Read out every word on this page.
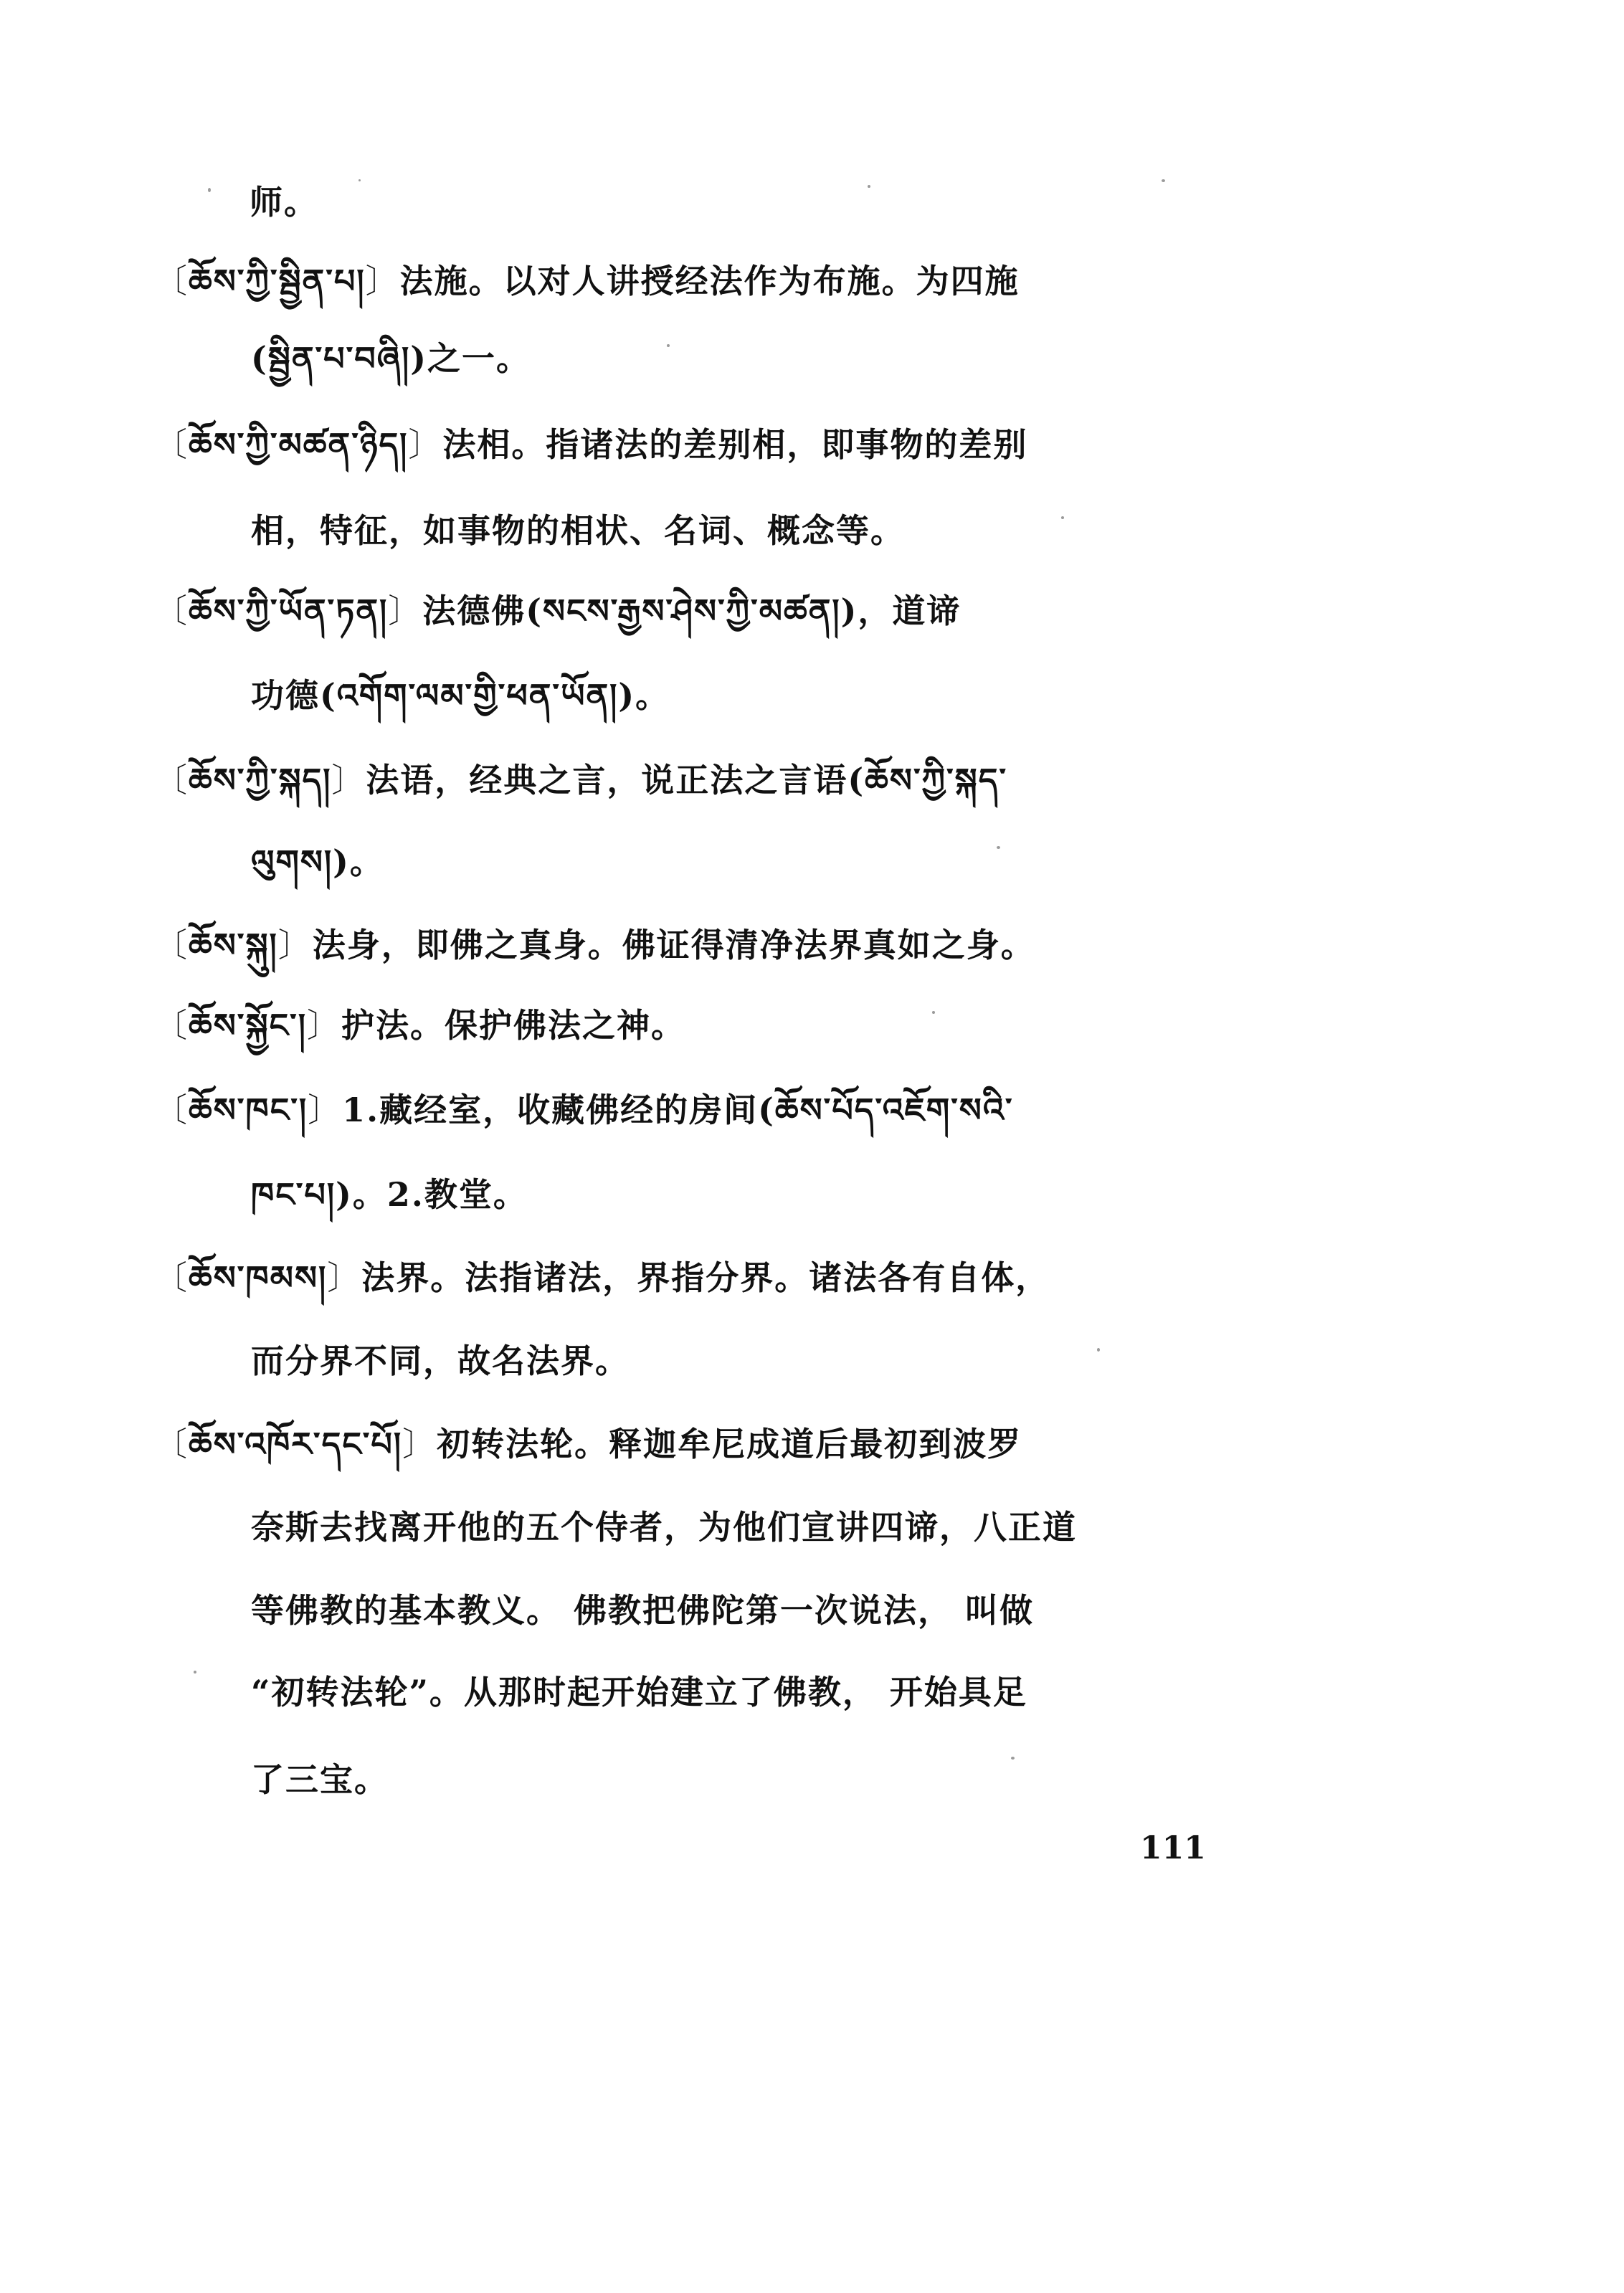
师。
〔ཆོས་ཀྱི་སྦྱིན་པ།〕法施。以对人讲授经法作为布施。为四施
(སྦྱིན་པ་བཞི།)之一。
〔ཆོས་ཀྱི་མཚན་ཉིད།〕法相。指诸法的差别相，即事物的差别
相，特征，如事物的相状、名词、概念等。
〔ཆོས་ཀྱི་ཡོན་ཏན།〕法德佛(སངས་རྒྱས་ཤེས་ཀྱི་མཚན།)，道谛
功德(འགོག་ལམ་གྱི་ཕན་ཡོན།)。
〔ཆོས་ཀྱི་སྐད།〕法语，经典之言，说正法之言语(ཆོས་ཀྱི་སྐད་
ལུགས།)。
〔ཆོས་སྐུ།〕法身，即佛之真身。佛证得清净法界真如之身。
〔ཆོས་སྐྱོང་།〕护法。保护佛法之神。
〔ཆོས་ཁང་།〕1.藏经室，收藏佛经的房间(ཆོས་པོད་འཇོག་སའི་
ཁང་པ།)。2.教堂。
〔ཆོས་ཁམས།〕法界。法指诸法，界指分界。诸法各有自体，
而分界不同，故名法界。
〔ཆོས་འཁོར་དང་པོ།〕初转法轮。释迦牟尼成道后最初到波罗
奈斯去找离开他的五个侍者，为他们宣讲四谛，八正道
等佛教的基本教义。 佛教把佛陀第一次说法， 叫做
“初转法轮”。从那时起开始建立了佛教， 开始具足
了三宝。
111
